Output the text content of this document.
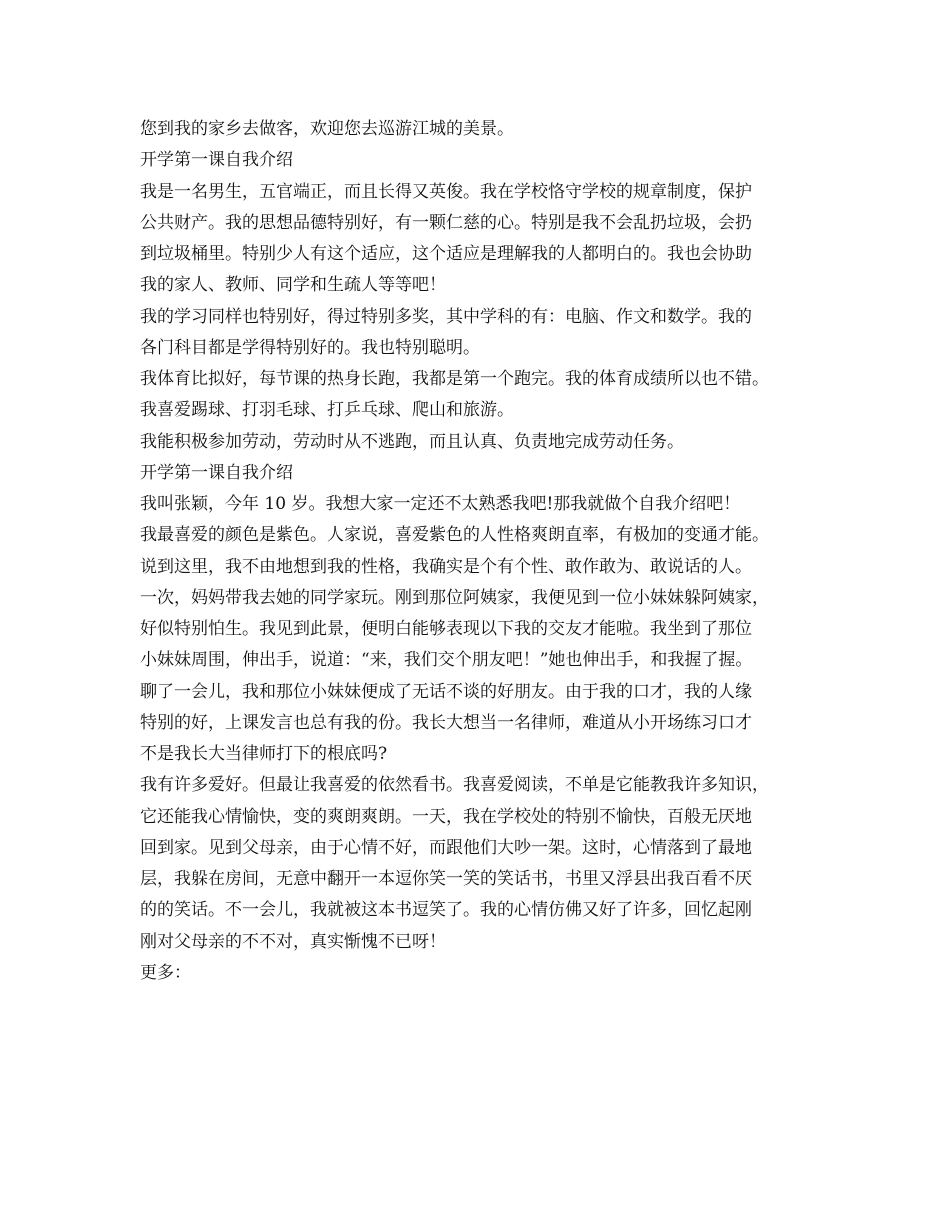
您到我的家乡去做客，欢迎您去巡游江城的美景。
开学第一课自我介绍
我是一名男生，五官端正，而且长得又英俊。我在学校恪守学校的规章制度，保护
公共财产。我的思想品德特别好，有一颗仁慈的心。特别是我不会乱扔垃圾，会扔
到垃圾桶里。特别少人有这个适应，这个适应是理解我的人都明白的。我也会协助
我的家人、教师、同学和生疏人等等吧！
我的学习同样也特别好，得过特别多奖，其中学科的有：电脑、作文和数学。我的
各门科目都是学得特别好的。我也特别聪明。
我体育比拟好，每节课的热身长跑，我都是第一个跑完。我的体育成绩所以也不错。
我喜爱踢球、打羽毛球、打乒乓球、爬山和旅游。
我能积极参加劳动，劳动时从不逃跑，而且认真、负责地完成劳动任务。
开学第一课自我介绍
我叫张颖，今年 10 岁。我想大家一定还不太熟悉我吧!那我就做个自我介绍吧！
我最喜爱的颜色是紫色。人家说，喜爱紫色的人性格爽朗直率，有极加的变通才能。
说到这里，我不由地想到我的性格，我确实是个有个性、敢作敢为、敢说话的人。
一次，妈妈带我去她的同学家玩。刚到那位阿姨家，我便见到一位小妹妹躲阿姨家，
好似特别怕生。我见到此景，便明白能够表现以下我的交友才能啦。我坐到了那位
小妹妹周围，伸出手，说道：“来，我们交个朋友吧！”她也伸出手，和我握了握。
聊了一会儿，我和那位小妹妹便成了无话不谈的好朋友。由于我的口才，我的人缘
特别的好，上课发言也总有我的份。我长大想当一名律师，难道从小开场练习口才
不是我长大当律师打下的根底吗?
我有许多爱好。但最让我喜爱的依然看书。我喜爱阅读，不单是它能教我许多知识，
它还能我心情愉快，变的爽朗爽朗。一天，我在学校处的特别不愉快，百般无厌地
回到家。见到父母亲，由于心情不好，而跟他们大吵一架。这时，心情落到了最地
层，我躲在房间，无意中翻开一本逗你笑一笑的笑话书，书里又浮县出我百看不厌
的的笑话。不一会儿，我就被这本书逗笑了。我的心情仿佛又好了许多，回忆起刚
刚对父母亲的不不对，真实惭愧不已呀！
更多：
